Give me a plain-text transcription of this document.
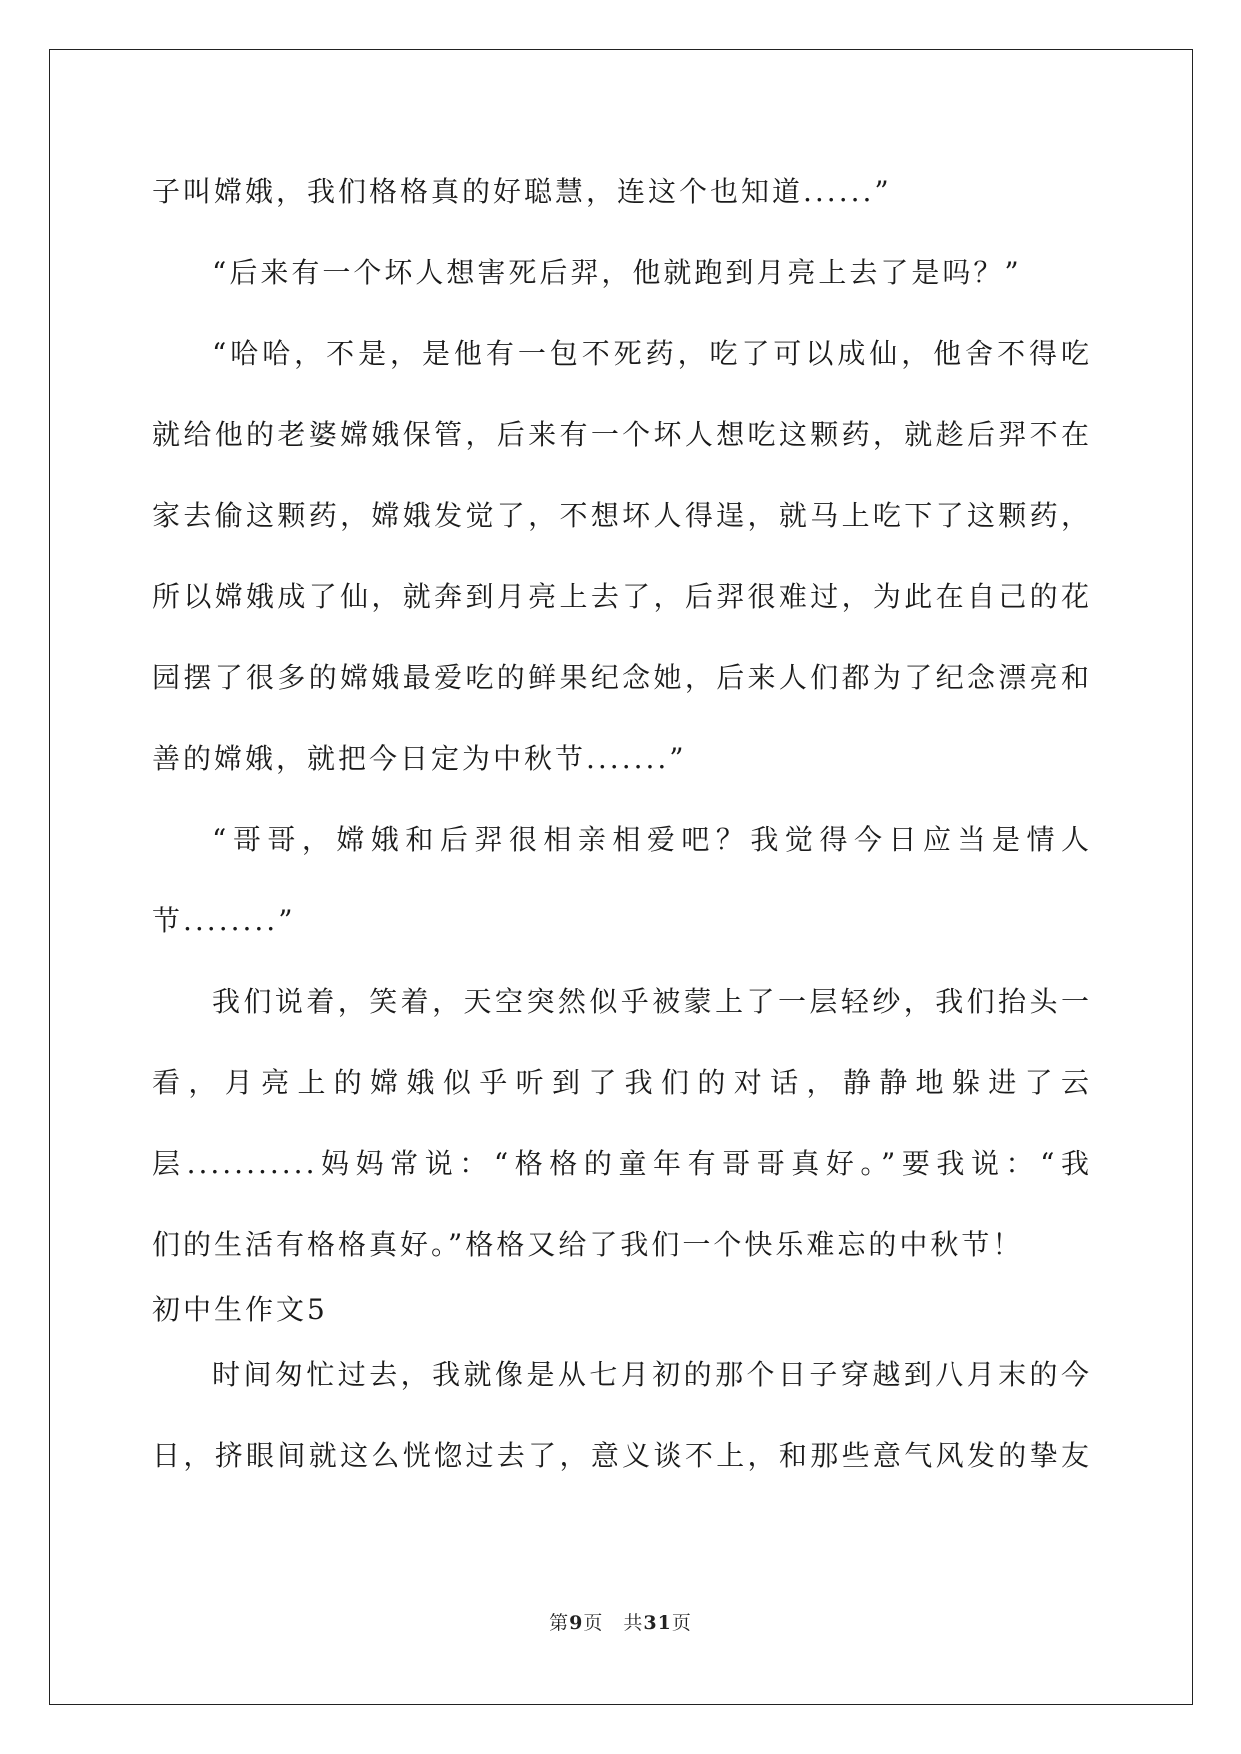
子叫嫦娥，我们格格真的好聪慧，连这个也知道......”
“后来有一个坏人想害死后羿，他就跑到月亮上去了是吗？”
“哈哈，不是，是他有一包不死药，吃了可以成仙，他舍不得吃
就给他的老婆嫦娥保管，后来有一个坏人想吃这颗药，就趁后羿不在
家去偷这颗药，嫦娥发觉了，不想坏人得逞，就马上吃下了这颗药，
所以嫦娥成了仙，就奔到月亮上去了，后羿很难过，为此在自己的花
园摆了很多的嫦娥最爱吃的鲜果纪念她，后来人们都为了纪念漂亮和
善的嫦娥，就把今日定为中秋节.......”
“哥哥，嫦娥和后羿很相亲相爱吧？我觉得今日应当是情人
节........”
我们说着，笑着，天空突然似乎被蒙上了一层轻纱，我们抬头一
看，月亮上的嫦娥似乎听到了我们的对话，静静地躲进了云
层...........妈妈常说：“格格的童年有哥哥真好。”要我说：“我
们的生活有格格真好。”格格又给了我们一个快乐难忘的中秋节！
初中生作文5
时间匆忙过去，我就像是从七月初的那个日子穿越到八月末的今
日，挤眼间就这么恍惚过去了，意义谈不上，和那些意气风发的挚友
第9页 共31页
